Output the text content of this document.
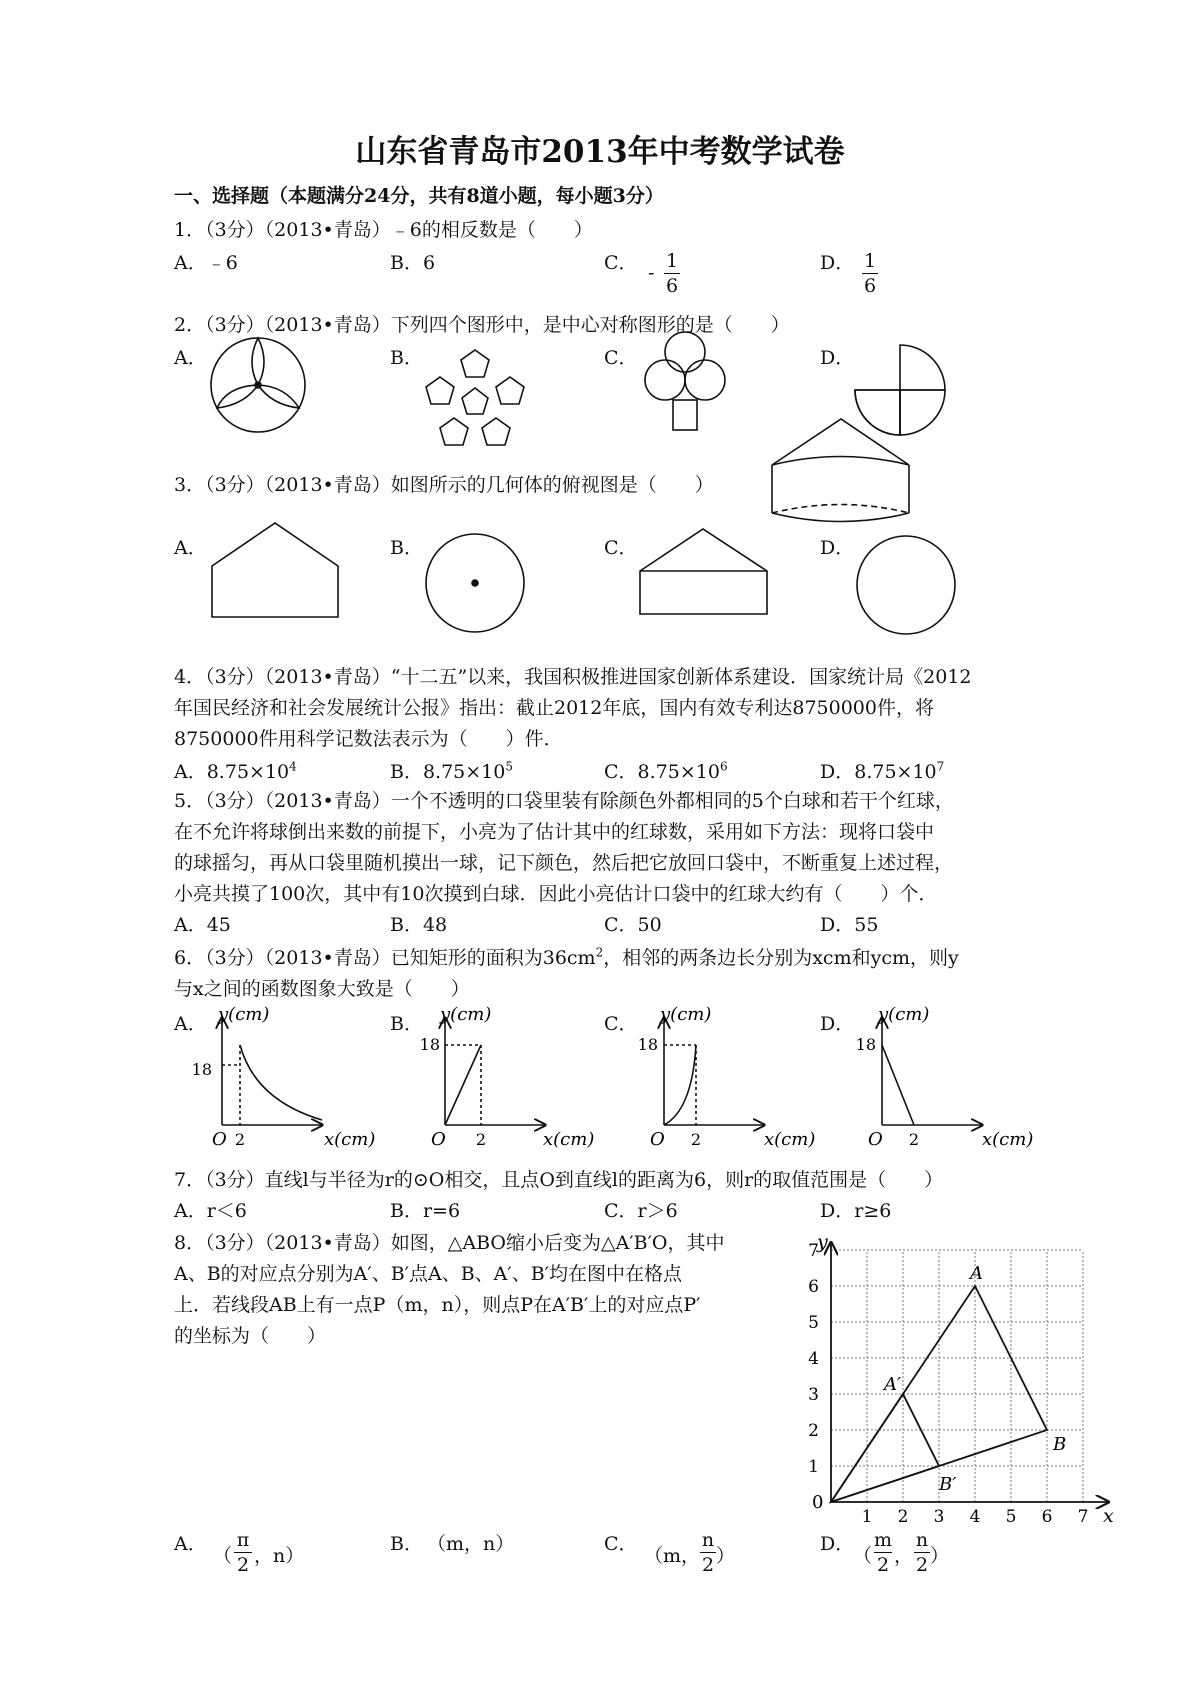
山东省青岛市2013年中考数学试卷
一、选择题（本题满分24分，共有8道小题，每小题3分）
1．（3分）（2013•青岛）﹣6的相反数是（　　）
A．﹣6	B．6	C． -
1
6
D． 1
6
2．（3分）（2013•青岛）下列四个图形中，是中心对称图形的是（　　）
A．	B．	C．	D．
3．（3分）（2013•青岛）如图所示的几何体的俯视图是（　　）
A．	B．	C．	D．
4．（3分）（2013•青岛）“十二五”以来，我国积极推进国家创新体系建设．国家统计局《2012
年国民经济和社会发展统计公报》指出：截止2012年底，国内有效专利达8750000件，将
8750000件用科学记数法表示为（　　）件．
A．$8.75\times 10^4$	B．$8.75\times 10^5$	C．$8.75\times 10^6$	D．$8.75\times 10^7$
5．（3分）（2013•青岛）一个不透明的口袋里装有除颜色外都相同的5个白球和若干个红球，
在不允许将球倒出来数的前提下，小亮为了估计其中的红球数，采用如下方法：现将口袋中
的球摇匀，再从口袋里随机摸出一球，记下颜色，然后把它放回口袋中，不断重复上述过程，
小亮共摸了100次，其中有10次摸到白球．因此小亮估计口袋中的红球大约有（　　）个．
A．45	B．48	C．50	D．55
6．（3分）（2013•青岛）已知矩形的面积为$36cm^2$，相邻的两条边长分别为xcm和ycm，则y
与x之间的函数图象大致是（　　）
A．	B．	C．	D．
y(cm)
18
O 2	x(cm)
y(cm)
18
O 2	x(cm)
y(cm)
18
O 2	x(cm)
y(cm)
18
O 2	x(cm)
7．（3分）直线l与半径为r的⊙O相交，且点O到直线l的距离为6，则r的取值范围是（　　）
A．r＜6	B．r=6	C．r＞6	D．r≥6
8．（3分）（2013•青岛）如图，△ABO缩小后变为△A′B′O，其中
A、B的对应点分别为A′、B′点A、B、A′、B′均在图中在格点
上．若线段AB上有一点P（m，n），则点P在A′B′上的对应点P′
的坐标为（　　）
1 2 3 4 5 6 7
1
2
3
4
5
6
7
y
x
0
A
B
A′
B′
A．
（
π
2 ，n）
B． （m，n）	C．
（m，
n
2 ）
D．
（
m
2 ，
n
2 ）
